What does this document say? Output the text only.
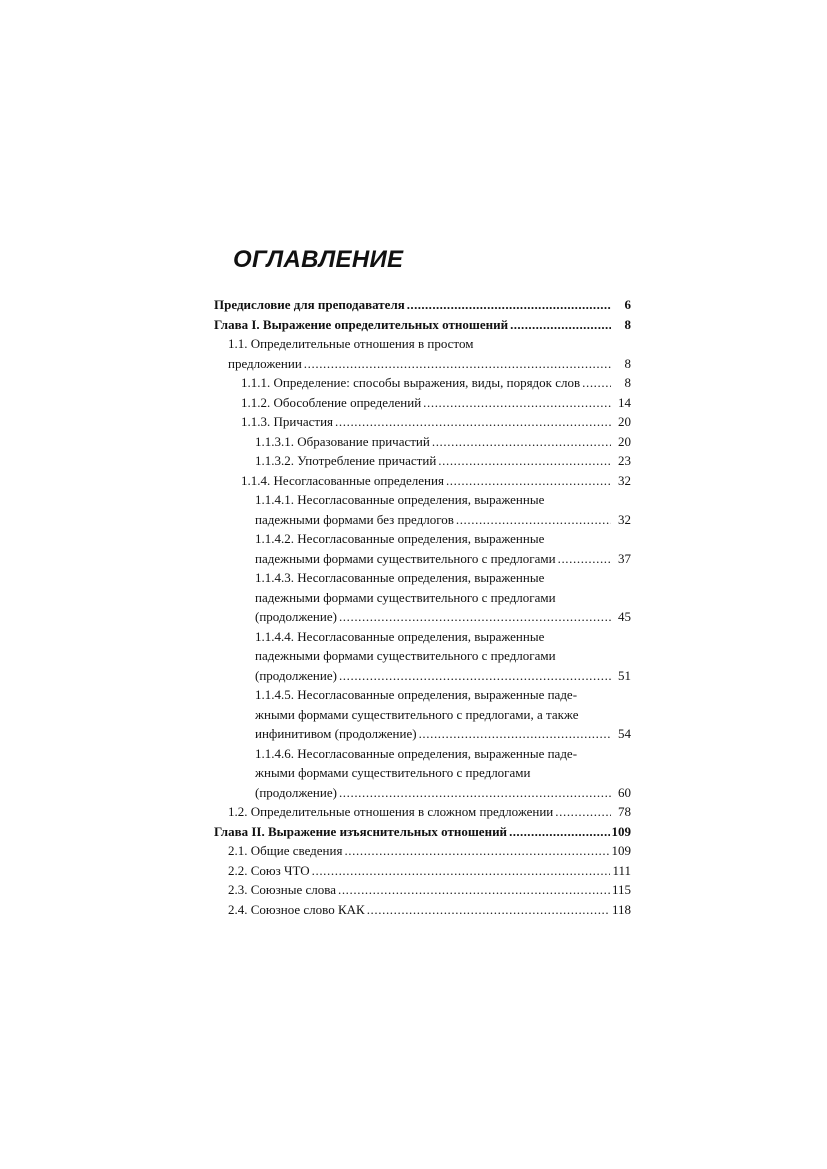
ОГЛАВЛЕНИЕ
Предисловие для преподавателя .....	6
Глава I. Выражение определительных отношений .....	8
1.1. Определительные отношения в простом
предложении .....	8
1.1.1. Определение: способы выражения, виды, порядок слов .....	8
1.1.2. Обособление определений .....	14
1.1.3. Причастия .....	20
1.1.3.1. Образование причастий .....	20
1.1.3.2. Употребление причастий .....	23
1.1.4. Несогласованные определения .....	32
1.1.4.1. Несогласованные определения, выраженные
падежными формами без предлогов .....	32
1.1.4.2. Несогласованные определения, выраженные
падежными формами существительного с предлогами .....	37
1.1.4.3. Несогласованные определения, выраженные
падежными формами существительного с предлогами
(продолжение) .....	45
1.1.4.4. Несогласованные определения, выраженные
падежными формами существительного с предлогами
(продолжение) .....	51
1.1.4.5. Несогласованные определения, выраженные паде-
жными формами существительного с предлогами, а также
инфинитивом (продолжение) .....	54
1.1.4.6. Несогласованные определения, выраженные паде-
жными формами существительного с предлогами
(продолжение) .....	60
1.2. Определительные отношения в сложном предложении .....	78
Глава II. Выражение изъяснительных отношений .....	109
2.1. Общие сведения .....	109
2.2. Союз ЧТО .....	111
2.3. Союзные слова .....	115
2.4. Союзное слово КАК .....	118
